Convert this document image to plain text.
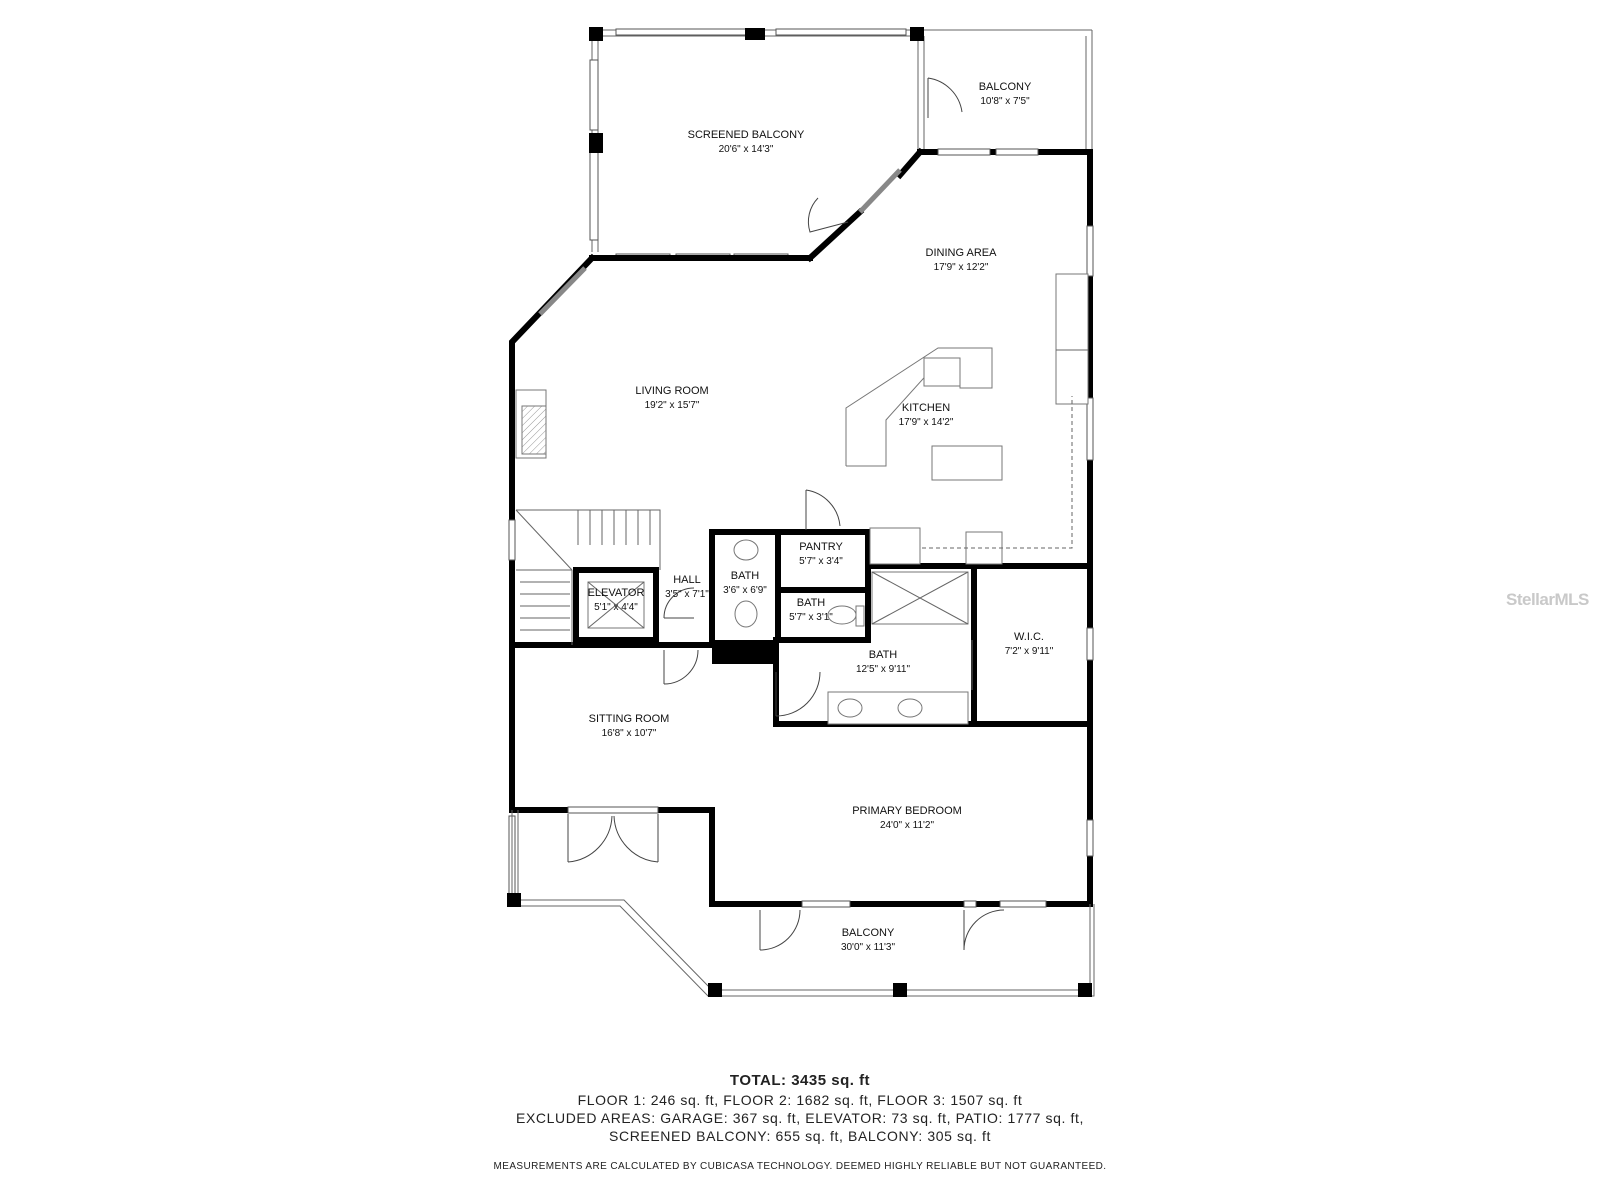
SCREENED BALCONY
20'6" x 14'3"
BALCONY
10'8" x 7'5"
DINING AREA
17'9" x 12'2"
LIVING ROOM
19'2" x 15'7"	KITCHEN
17'9" x 14'2"
PANTRY
5'7" x 3'4"
HALL
3'5" x 7'1"
BATH
3'6" x 6'9"
ELEVATOR
5'1" x 4'4"	BATH
5'7" x 3'1"
W.I.C.
7'2" x 9'11"
BATH
12'5" x 9'11"
SITTING ROOM
16'8" x 10'7"
PRIMARY BEDROOM
24'0" x 11'2"
BALCONY
30'0" x 11'3"
StellarMLS
TOTAL: 3435 sq. ft
FLOOR 1: 246 sq. ft, FLOOR 2: 1682 sq. ft, FLOOR 3: 1507 sq. ft
EXCLUDED AREAS: GARAGE: 367 sq. ft, ELEVATOR: 73 sq. ft, PATIO: 1777 sq. ft,
SCREENED BALCONY: 655 sq. ft, BALCONY: 305 sq. ft
MEASUREMENTS ARE CALCULATED BY CUBICASA TECHNOLOGY. DEEMED HIGHLY RELIABLE BUT NOT GUARANTEED.
